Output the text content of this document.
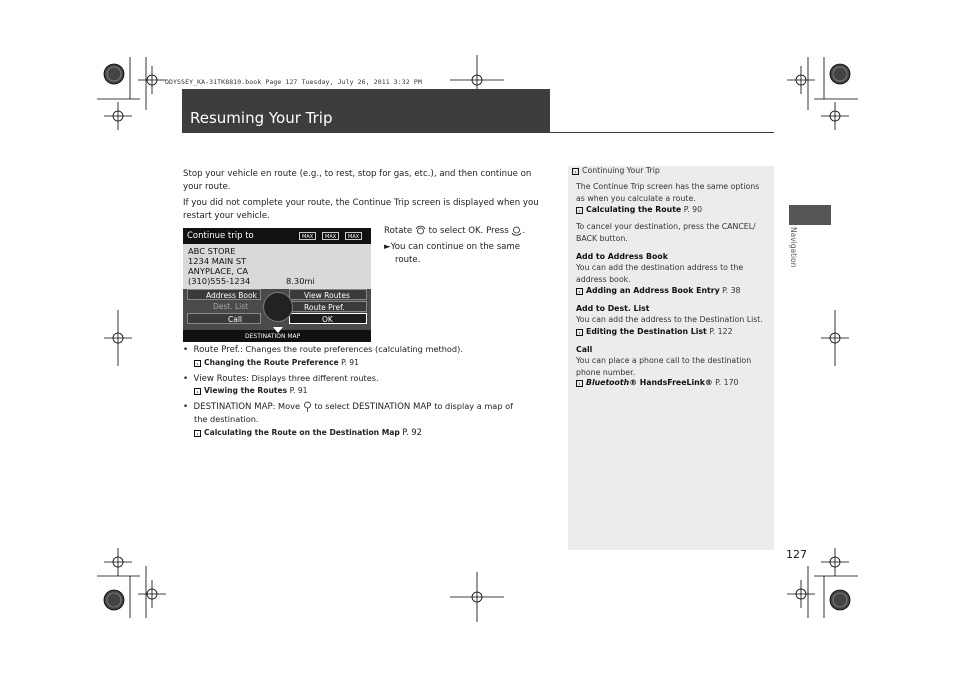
ODYSSEY_KA-31TK8810.book Page 127 Tuesday, July 26, 2011 3:32 PM
Resuming Your Trip
Stop your vehicle en route (e.g., to rest, stop for gas, etc.), and then continue on your route.
If you did not complete your route, the Continue Trip screen is displayed when you restart your vehicle.
Continue trip to	MAX	MAX	MAX
ABC STORE
1234 MAIN ST
ANYPLACE, CA
(310)555-1234	8.30mi
Address Book
Dest. List
Call
View Routes
Route Pref.
OK
DESTINATION MAP
Rotate to select OK. Press .
►You can continue on the same
route.
•  Route Pref.: Changes the route preferences (calculating method).
› Changing the Route Preference P. 91
•  View Routes: Displays three different routes.
› Viewing the Routes P. 91
•  DESTINATION MAP: Move to select DESTINATION MAP to display a map of
the destination.
› Calculating the Route on the Destination Map P. 92
› Continuing Your Trip
The Continue Trip screen has the same options as when you calculate a route.
› Calculating the Route P. 90
To cancel your destination, press the CANCEL/ BACK button.
Add to Address Book
You can add the destination address to the address book.
› Adding an Address Book Entry P. 38
Add to Dest. List
You can add the address to the Destination List.
› Editing the Destination List P. 122
Call
You can place a phone call to the destination phone number.
› Bluetooth® HandsFreeLink® P. 170
127
Navigation
